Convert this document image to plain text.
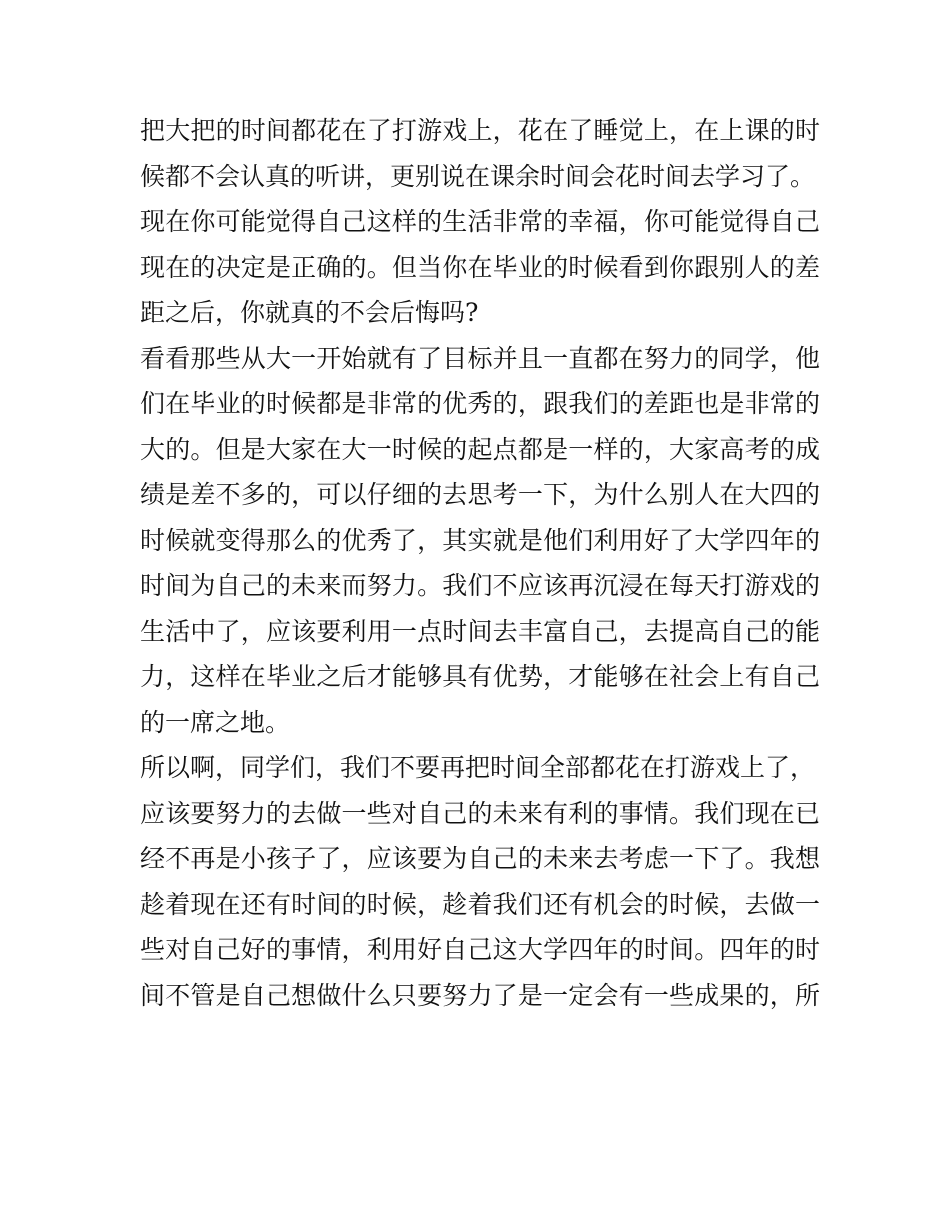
把大把的时间都花在了打游戏上，花在了睡觉上，在上课的时
候都不会认真的听讲，更别说在课余时间会花时间去学习了。
现在你可能觉得自己这样的生活非常的幸福，你可能觉得自己
现在的决定是正确的。但当你在毕业的时候看到你跟别人的差
距之后，你就真的不会后悔吗?
看看那些从大一开始就有了目标并且一直都在努力的同学，他
们在毕业的时候都是非常的优秀的，跟我们的差距也是非常的
大的。但是大家在大一时候的起点都是一样的，大家高考的成
绩是差不多的，可以仔细的去思考一下，为什么别人在大四的
时候就变得那么的优秀了，其实就是他们利用好了大学四年的
时间为自己的未来而努力。我们不应该再沉浸在每天打游戏的
生活中了，应该要利用一点时间去丰富自己，去提高自己的能
力，这样在毕业之后才能够具有优势，才能够在社会上有自己
的一席之地。
所以啊，同学们，我们不要再把时间全部都花在打游戏上了，
应该要努力的去做一些对自己的未来有利的事情。我们现在已
经不再是小孩子了，应该要为自己的未来去考虑一下了。我想
趁着现在还有时间的时候，趁着我们还有机会的时候，去做一
些对自己好的事情，利用好自己这大学四年的时间。四年的时
间不管是自己想做什么只要努力了是一定会有一些成果的，所
